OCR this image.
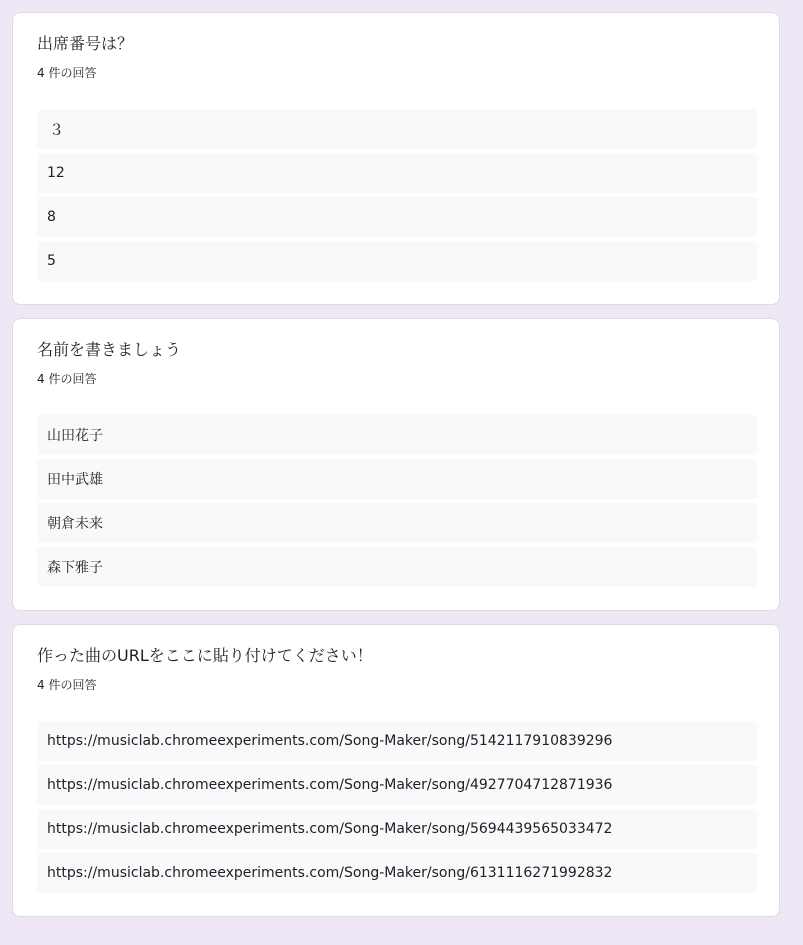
出席番号は？
4 件の回答
３
12
8
5
名前を書きましょう
4 件の回答
山田花子
田中武雄
朝倉未来
森下雅子
作った曲のURLをここに貼り付けてください！
4 件の回答
https://musiclab.chromeexperiments.com/Song-Maker/song/5142117910839296
https://musiclab.chromeexperiments.com/Song-Maker/song/4927704712871936
https://musiclab.chromeexperiments.com/Song-Maker/song/5694439565033472
https://musiclab.chromeexperiments.com/Song-Maker/song/6131116271992832
